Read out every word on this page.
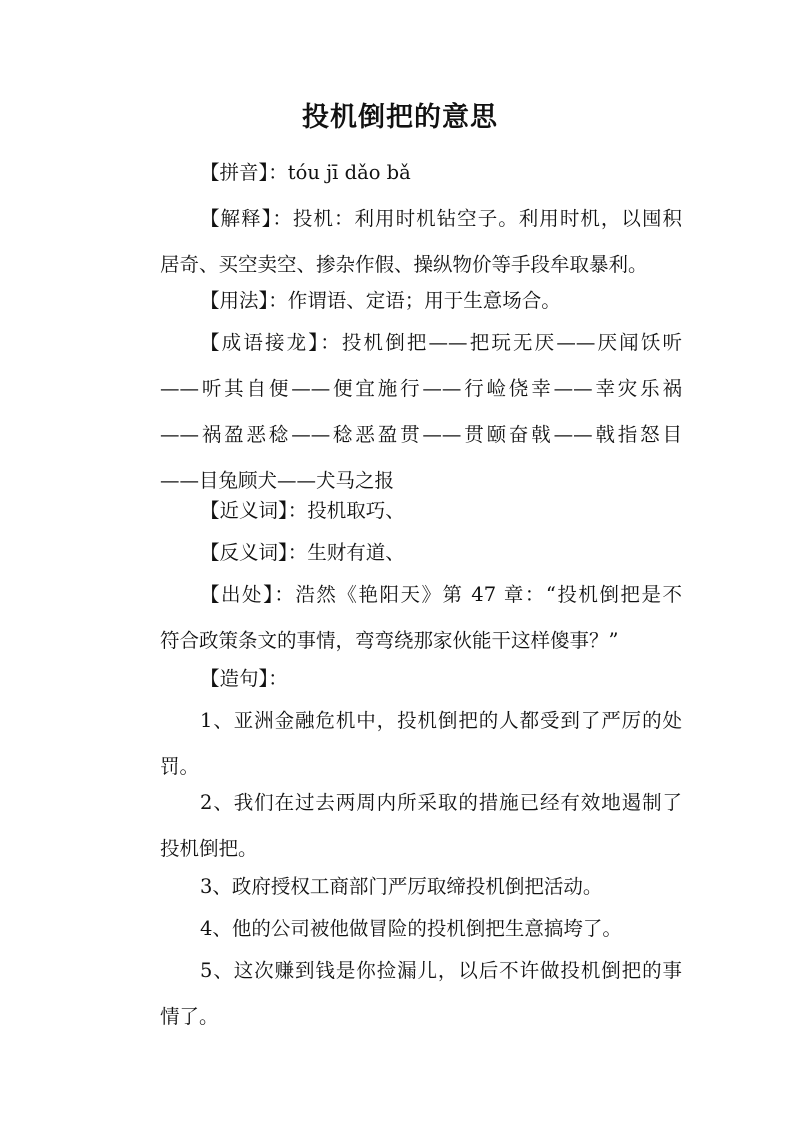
投机倒把的意思
【拼音】：tóu jī dǎo bǎ
【解释】：投机：利用时机钻空子。利用时机，以囤积
居奇、买空卖空、掺杂作假、操纵物价等手段牟取暴利。
【用法】：作谓语、定语；用于生意场合。
【成语接龙】：投机倒把——把玩无厌——厌闻饫听
——听其自便——便宜施行——行崄侥幸——幸灾乐祸
——祸盈恶稔——稔恶盈贯——贯颐奋戟——戟指怒目
——目兔顾犬——犬马之报
【近义词】：投机取巧、
【反义词】：生财有道、
【出处】：浩然《艳阳天》第 47 章：“投机倒把是不
符合政策条文的事情，弯弯绕那家伙能干这样傻事？”
【造句】：
1、亚洲金融危机中，投机倒把的人都受到了严厉的处
罚。
2、我们在过去两周内所采取的措施已经有效地遏制了
投机倒把。
3、政府授权工商部门严厉取缔投机倒把活动。
4、他的公司被他做冒险的投机倒把生意搞垮了。
5、这次赚到钱是你捡漏儿，以后不许做投机倒把的事
情了。
